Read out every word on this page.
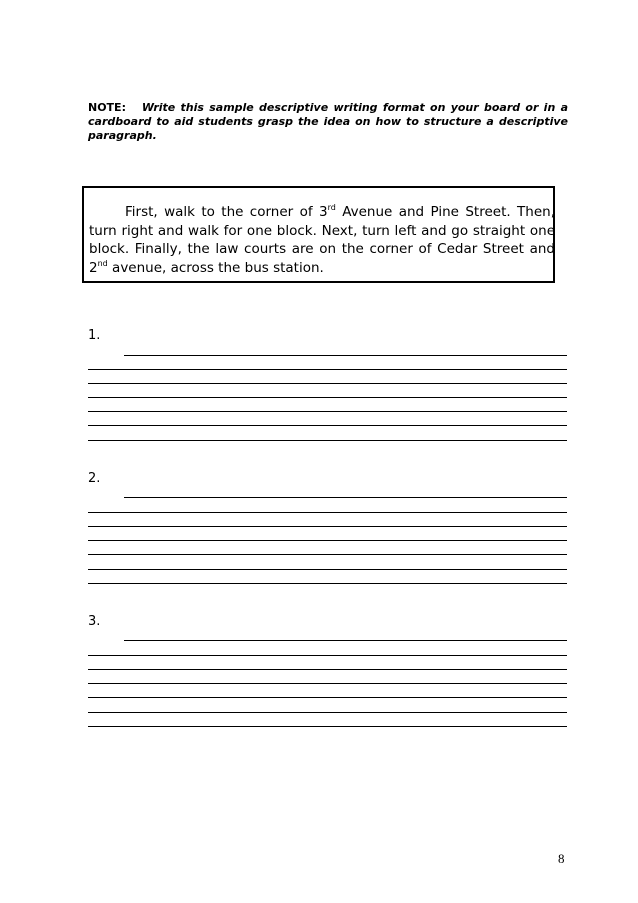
NOTE: Write this sample descriptive writing format on your board or in a cardboard to aid students grasp the idea on how to structure a descriptive paragraph.
First, walk to the corner of 3rd Avenue and Pine Street. Then, turn right and walk for one block. Next, turn left and go straight one block. Finally, the law courts are on the corner of Cedar Street and 2nd avenue, across the bus station.
1.
2.
3.
8
